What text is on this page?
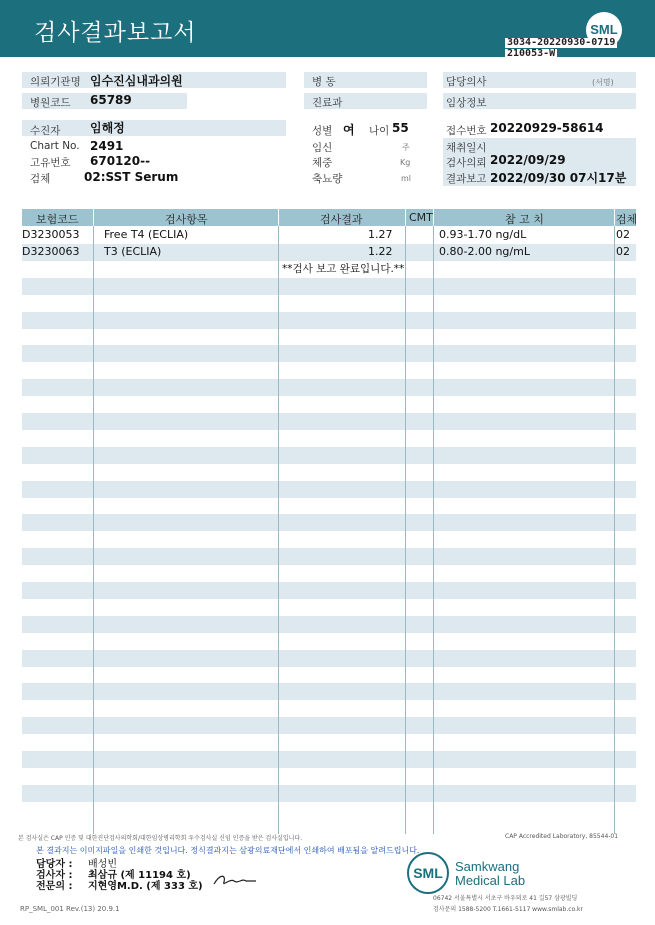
검사결과보고서	SML
3034-20220930-0719
210053-W
의뢰기관명 임수진심내과의원
병원코드 65789
수진자 임해정
Chart No. 2491
고유번호 670120--
검체	02:SST Serum
병 동
진료과
성별 여 나이 55
임신	주
체중	Kg
축뇨량	ml
담당의사	(서명)
임상정보
접수번호 20220929-58614
채취일시
검사의뢰 2022/09/29
결과보고 2022/09/30 07시17분
보험코드	검사항목	검사결과	CMT	참 고 치	검체
D3230053 Free T4 (ECLIA)	1.27	0.93-1.70 ng/dL	02
D3230063 T3 (ECLIA)	1.22	0.80-2.00 ng/mL	02
**검사 보고 완료입니다.**
본 검사실은 CAP 인증 및 대한진단검사의학회/대한임상병리학회 우수검사실 신임 인증을 받은 검사실입니다.	CAP Accredited Laboratory, 85544-01
본 결과지는 이미지파일을 인쇄한 것입니다. 정식결과지는 삼광의료재단에서 인쇄하여 배포됨을 알려드립니다.
담당자 : 배성빈
검사자 : 최삼규 (제 11194 호)
전문의 : 지현영M.D. (제 333 호)
SML Samkwang
Medical Lab
06742 서울특별시 서초구 바우뫼로 41 길57 삼광빌딩
검사문의 1588-5200 T.1661-5117 www.smlab.co.kr
RP_SML_001 Rev.(13) 20.9.1
